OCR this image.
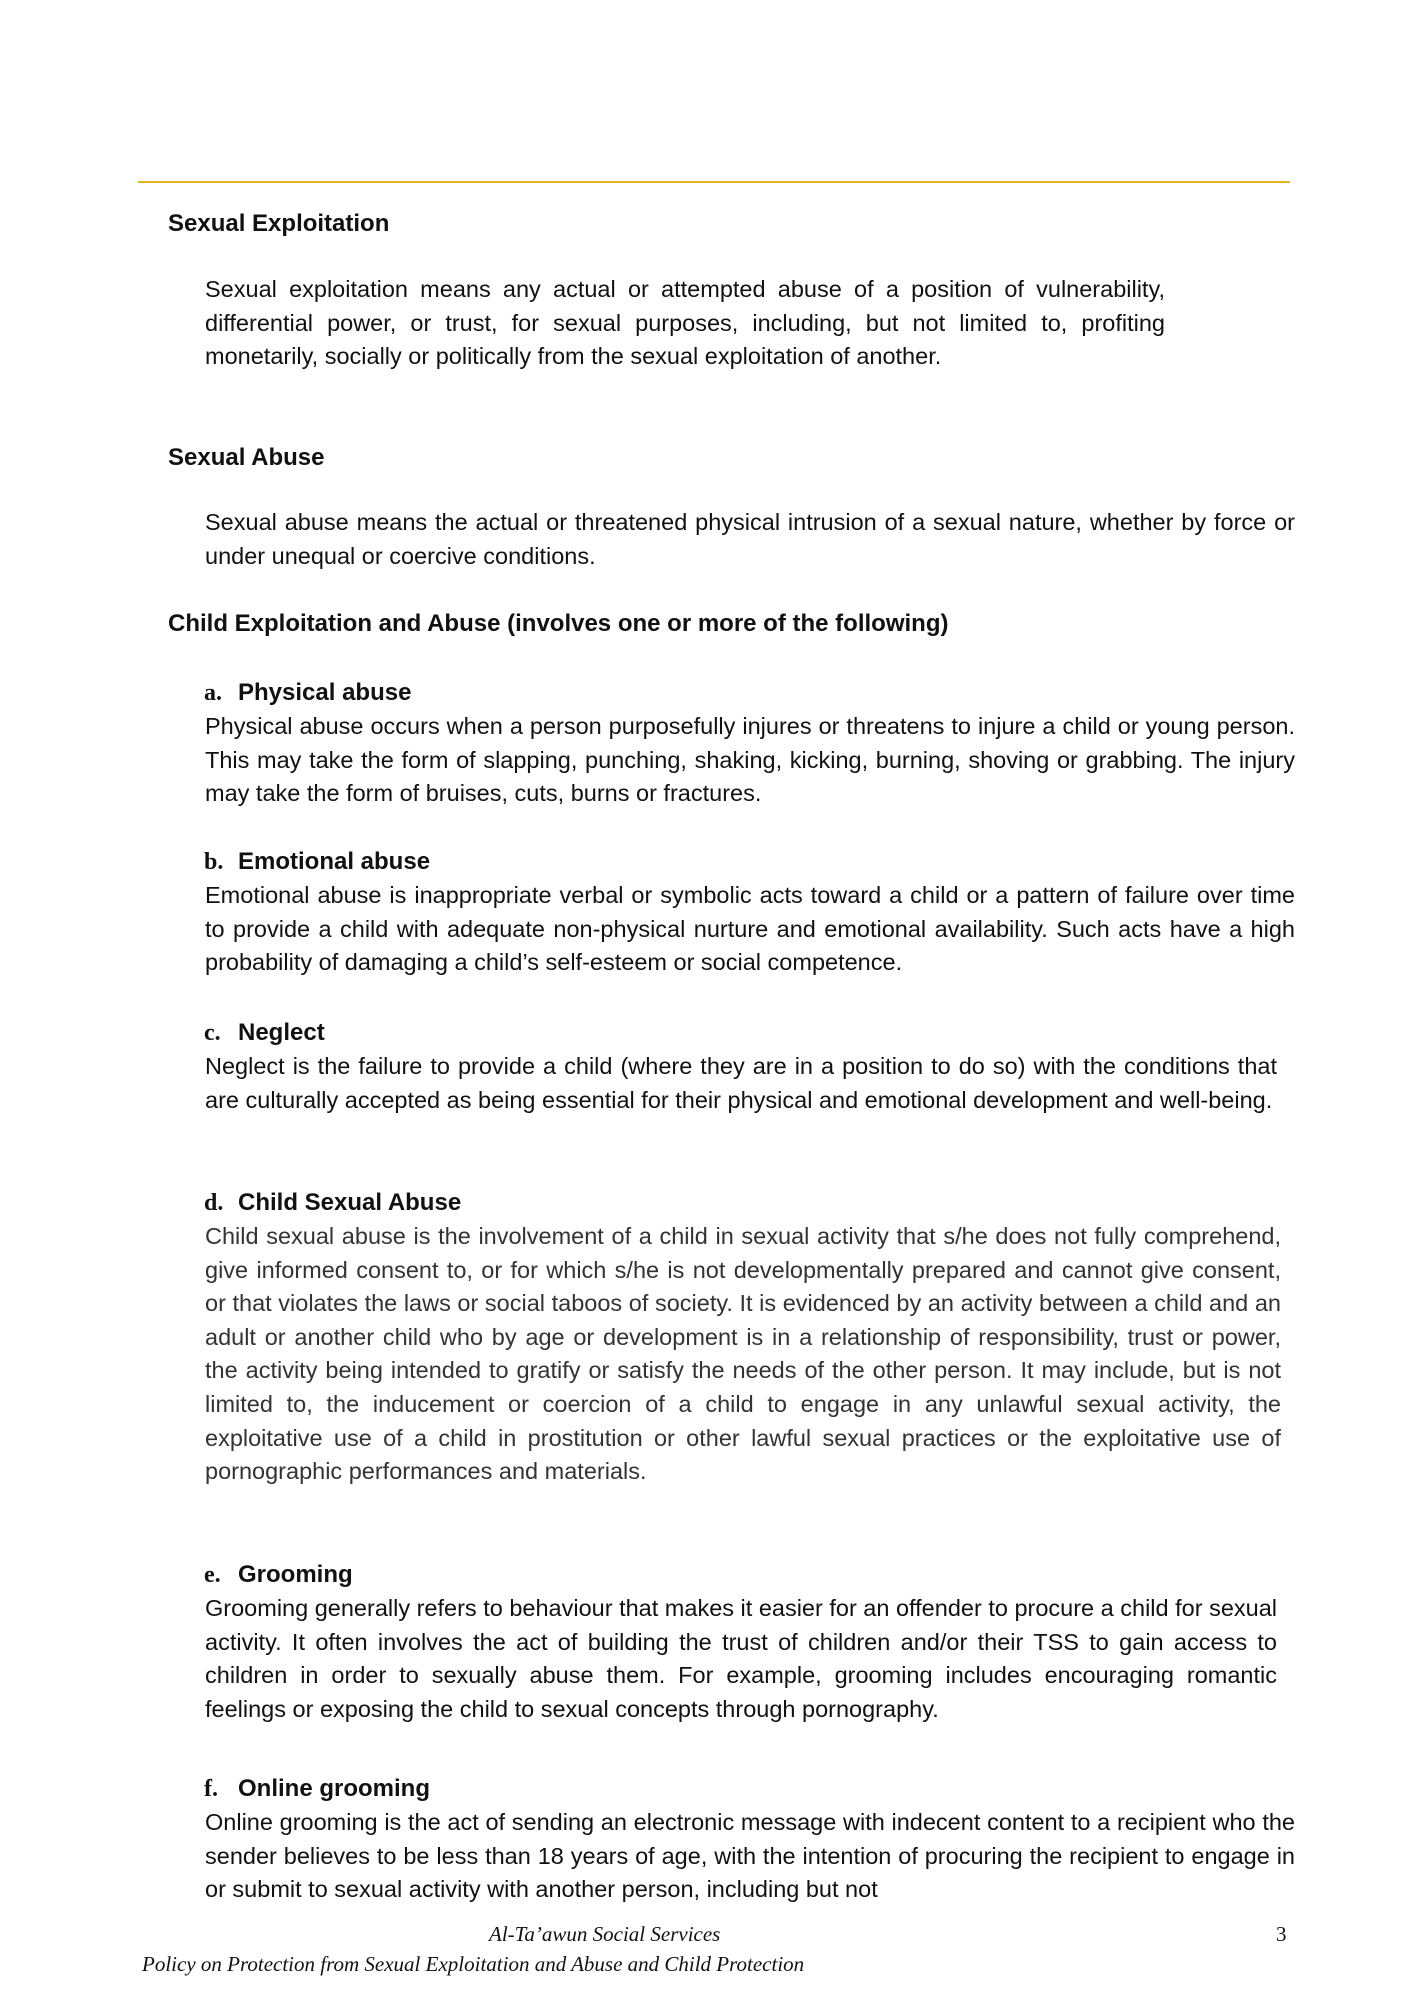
Sexual Exploitation

Sexual exploitation means any actual or attempted abuse of a position of vulnerability, differential power, or trust, for sexual purposes, including, but not limited to, profiting monetarily, socially or politically from the sexual exploitation of another.

Sexual Abuse

Sexual abuse means the actual or threatened physical intrusion of a sexual nature, whether by force or under unequal or coercive conditions.

Child Exploitation and Abuse (involves one or more of the following)
a. Physical abuse

Physical abuse occurs when a person purposefully injures or threatens to injure a child or young person. This may take the form of slapping, punching, shaking, kicking, burning, shoving or grabbing. The injury may take the form of bruises, cuts, burns or fractures.

b. Emotional abuse

Emotional abuse is inappropriate verbal or symbolic acts toward a child or a pattern of failure over time to provide a child with adequate non-physical nurture and emotional availability. Such acts have a high probability of damaging a child’s self-esteem or social competence.

c. Neglect

Neglect is the failure to provide a child (where they are in a position to do so) with the conditions that are culturally accepted as being essential for their physical and emotional development and well-being.

d. Child Sexual Abuse

Child sexual abuse is the involvement of a child in sexual activity that s/he does not fully comprehend, give informed consent to, or for which s/he is not developmentally prepared and cannot give consent, or that violates the laws or social taboos of society. It is evidenced by an activity between a child and an adult or another child who by age or development is in a relationship of responsibility, trust or power, the activity being intended to gratify or satisfy the needs of the other person. It may include, but is not limited to, the inducement or coercion of a child to engage in any unlawful sexual activity, the exploitative use of a child in prostitution or other lawful sexual practices or the exploitative use of pornographic performances and materials.

e. Grooming

Grooming generally refers to behaviour that makes it easier for an offender to procure a child for sexual activity. It often involves the act of building the trust of children and/or their TSS to gain access to children in order to sexually abuse them. For example, grooming includes encouraging romantic feelings or exposing the child to sexual concepts through pornography.

f. Online grooming

Online grooming is the act of sending an electronic message with indecent content to a recipient who the sender believes to be less than 18 years of age, with the intention of procuring the recipient to engage in or submit to sexual activity with another person, including but not

Al-Ta’awun Social Services	3
Policy on Protection from Sexual Exploitation and Abuse and Child Protection
